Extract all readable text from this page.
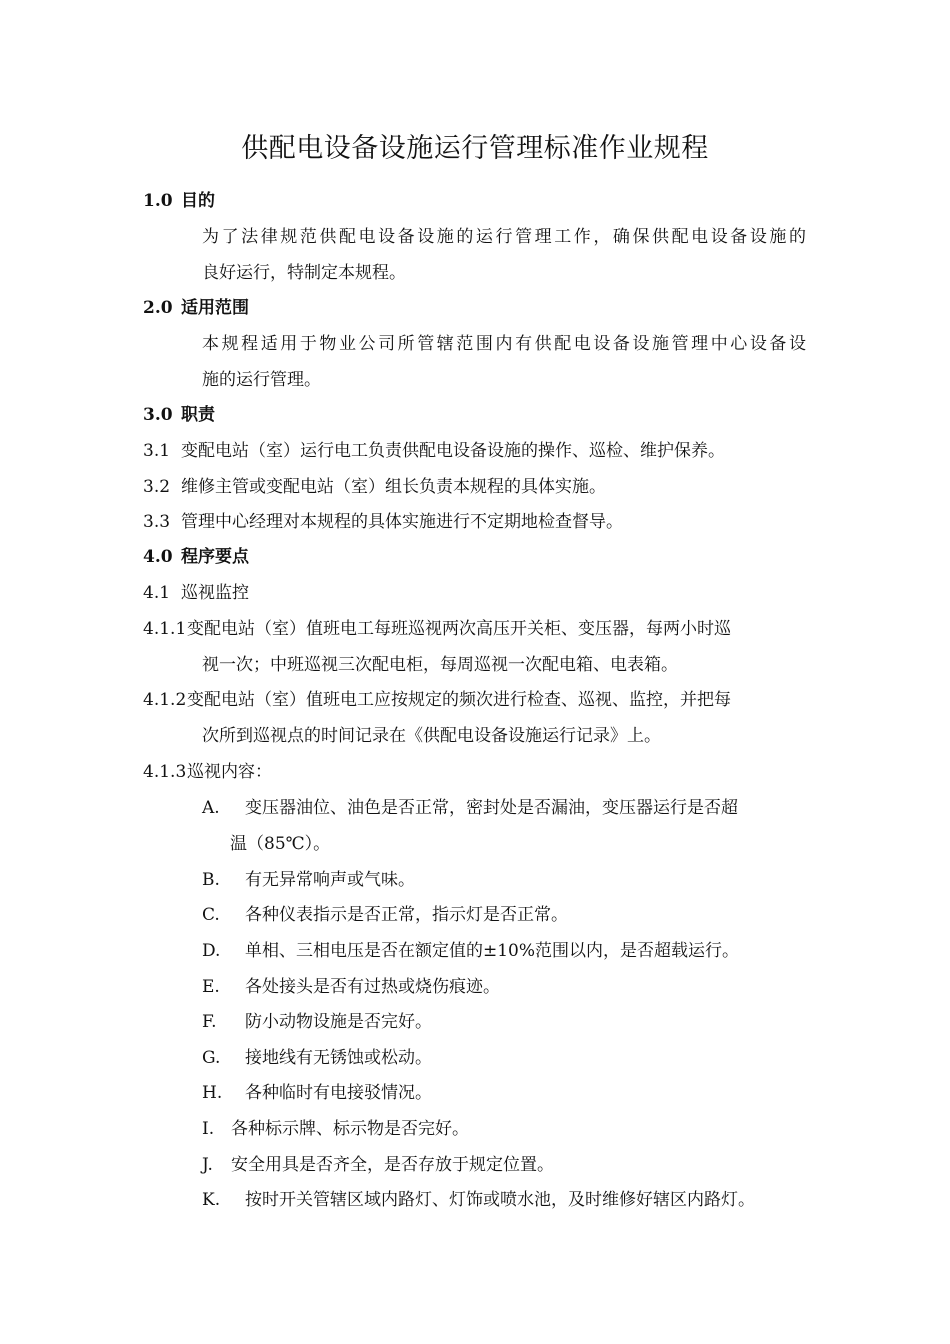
供配电设备设施运行管理标准作业规程
1.0 目的
为了法律规范供配电设备设施的运行管理工作，确保供配电设备设施的
良好运行，特制定本规程。
2.0 适用范围
本规程适用于物业公司所管辖范围内有供配电设备设施管理中心设备设
施的运行管理。
3.0 职责
3.1 变配电站（室）运行电工负责供配电设备设施的操作、巡检、维护保养。
3.2 维修主管或变配电站（室）组长负责本规程的具体实施。
3.3 管理中心经理对本规程的具体实施进行不定期地检查督导。
4.0 程序要点
4.1 巡视监控
4.1.1变配电站（室）值班电工每班巡视两次高压开关柜、变压器，每两小时巡
视一次；中班巡视三次配电柜，每周巡视一次配电箱、电表箱。
4.1.2变配电站（室）值班电工应按规定的频次进行检查、巡视、监控，并把每
次所到巡视点的时间记录在《供配电设备设施运行记录》上。
4.1.3巡视内容：
A. 变压器油位、油色是否正常，密封处是否漏油，变压器运行是否超
温（85℃）。
B. 有无异常响声或气味。
C. 各种仪表指示是否正常，指示灯是否正常。
D. 单相、三相电压是否在额定值的±10%范围以内，是否超载运行。
E. 各处接头是否有过热或烧伤痕迹。
F. 防小动物设施是否完好。
G. 接地线有无锈蚀或松动。
H. 各种临时有电接驳情况。
I. 各种标示牌、标示物是否完好。
J. 安全用具是否齐全，是否存放于规定位置。
K. 按时开关管辖区域内路灯、灯饰或喷水池，及时维修好辖区内路灯。
